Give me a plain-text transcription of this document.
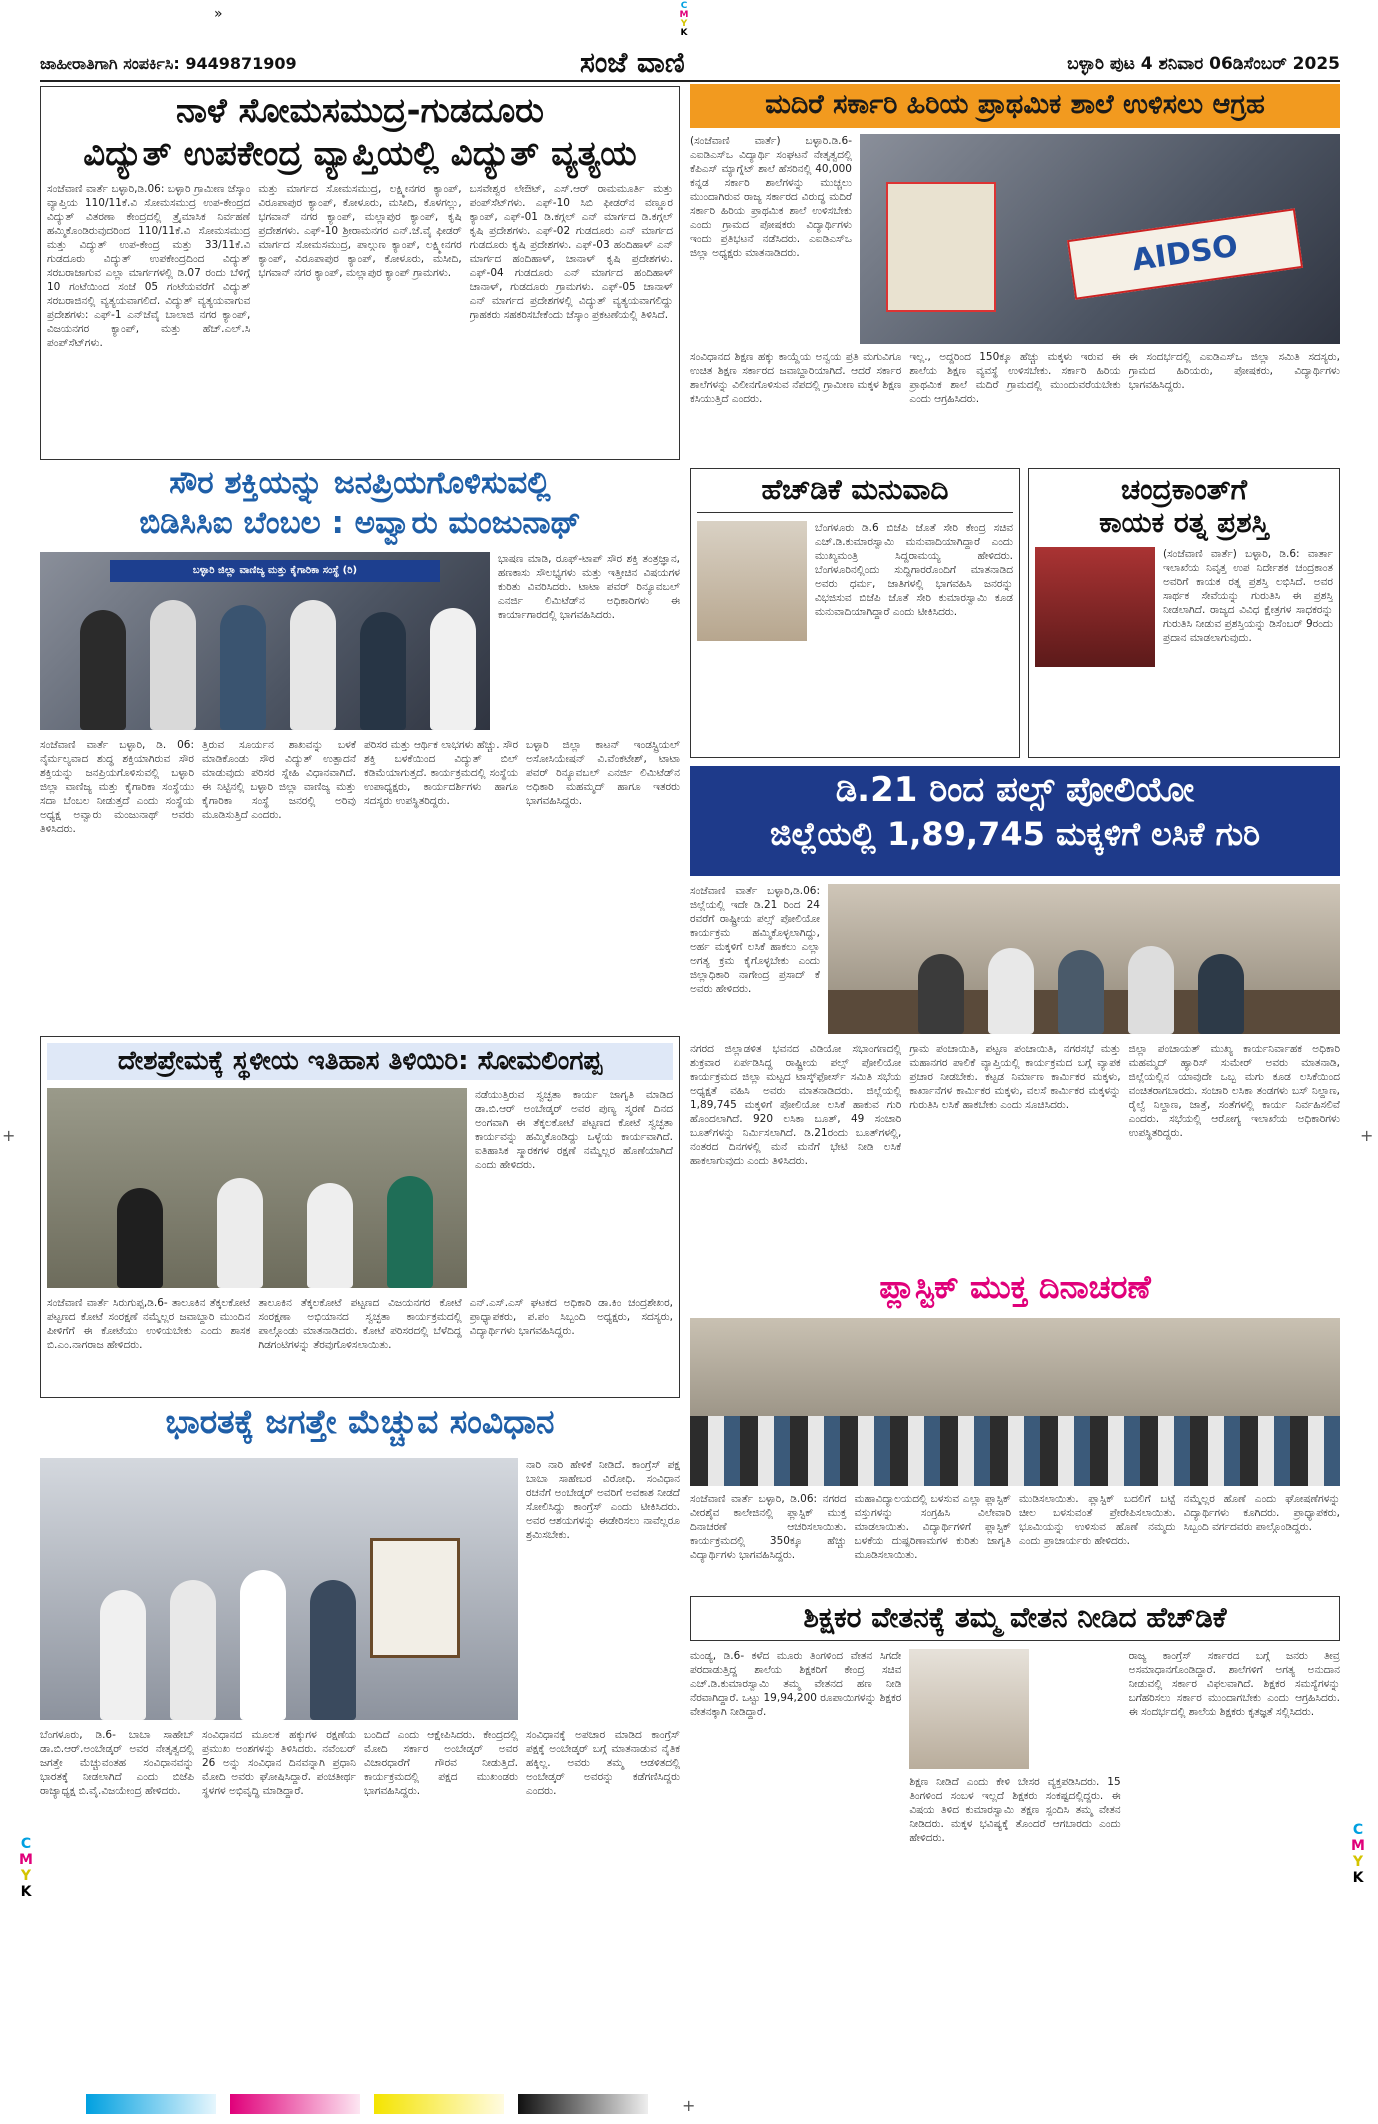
»	C
M
Y
K
ಜಾಹೀರಾತಿಗಾಗಿ ಸಂಪರ್ಕಿಸಿ: 9449871909	ಸಂಜೆ ವಾಣಿ	ಬಳ್ಳಾರಿ ಪುಟ 4 ಶನಿವಾರ 06ಡಿಸೆಂಬರ್ 2025
ನಾಳೆ ಸೋಮಸಮುದ್ರ-ಗುಡದೂರು
ವಿದ್ಯುತ್ ಉಪಕೇಂದ್ರ ವ್ಯಾಪ್ತಿಯಲ್ಲಿ ವಿದ್ಯುತ್ ವ್ಯತ್ಯಯ
ಸಂಜೆವಾಣಿ ವಾರ್ತೆ ಬಳ್ಳಾರಿ,ಡಿ.06: ಬಳ್ಳಾರಿ ಗ್ರಾಮೀಣ ಜೆಸ್ಕಾಂ ವ್ಯಾಪ್ತಿಯ 110/11ಕೆ.ವಿ ಸೋಮಸಮುದ್ರ ಉಪ-ಕೇಂದ್ರದ ವಿದ್ಯುತ್ ವಿತರಣಾ ಕೇಂದ್ರದಲ್ಲಿ ತ್ರೈಮಾಸಿಕ ನಿರ್ವಹಣೆ ಹಮ್ಮಿಕೊಂಡಿರುವುದರಿಂದ 110/11ಕೆ.ವಿ ಸೋಮಸಮುದ್ರ ಮತ್ತು ವಿದ್ಯುತ್ ಉಪ-ಕೇಂದ್ರ ಮತ್ತು 33/11ಕೆ.ವಿ ಗುಡದೂರು ವಿದ್ಯುತ್ ಉಪಕೇಂದ್ರದಿಂದ ವಿದ್ಯುತ್ ಸರಬರಾಜಾಗುವ ಎಲ್ಲಾ ಮಾರ್ಗಗಳಲ್ಲಿ ಡಿ.07 ರಂದು ಬೆಳಿಗ್ಗೆ 10 ಗಂಟೆಯಿಂದ ಸಂಜೆ 05 ಗಂಟೆಯವರೆಗೆ ವಿದ್ಯುತ್ ಸರಬರಾಜಿನಲ್ಲಿ ವ್ಯತ್ಯಯವಾಗಲಿದೆ. ವಿದ್ಯುತ್ ವ್ಯತ್ಯಯವಾಗುವ ಪ್ರದೇಶಗಳು: ಎಫ್-1 ಎನ್‌ಜೆವೈ ಬಾಲಾಜಿ ನಗರ ಕ್ಯಾಂಪ್, ವಿಜಯನಗರ ಕ್ಯಾಂಪ್, ಮತ್ತು ಹೆಚ್.ಎಲ್.ಸಿ ಪಂಪ್‌ಸೆಟ್‌ಗಳು.
ಮತ್ತು ಮಾರ್ಗದ ಸೋಮಸಮುದ್ರ, ಲಕ್ಷ್ಮೀನಗರ ಕ್ಯಾಂಪ್, ವಿರೂಪಾಪುರ ಕ್ಯಾಂಪ್, ಕೋಳೂರು, ಮಸೀದಿ, ಕೊಳಗಲ್ಲು, ಭಗವಾನ್ ನಗರ ಕ್ಯಾಂಪ್, ಮಲ್ಲಾಪುರ ಕ್ಯಾಂಪ್, ಕೃಷಿ ಪ್ರದೇಶಗಳು. ಎಫ್-10 ಶ್ರೀರಾಮನಗರ ಎನ್.ಜೆ.ವೈ ಫೀಡರ್ ಮಾರ್ಗದ ಸೋಮಸಮುದ್ರ, ಪಾಲ್ಗುಣ ಕ್ಯಾಂಪ್, ಲಕ್ಷ್ಮೀನಗರ ಕ್ಯಾಂಪ್, ವಿರೂಪಾಪುರ ಕ್ಯಾಂಪ್, ಕೋಳೂರು, ಮಸೀದಿ, ಭಗವಾನ್ ನಗರ ಕ್ಯಾಂಪ್, ಮಲ್ಲಾಪುರ ಕ್ಯಾಂಪ್ ಗ್ರಾಮಗಳು.
ಬಸವೇಶ್ವರ ಲೇಔಟ್, ಎಸ್.ಆರ್ ರಾಮಮೂರ್ತಿ ಮತ್ತು ಪಂಪ್‌ಸೆಟ್‌ಗಳು. ಎಫ್-10 ಸಿಬಿ ಫೀಡರ್‌ನ ವಣ್ಣೂರ ಕ್ಯಾಂಪ್, ಎಫ್-01 ಡಿ.ಕಗ್ಗಲ್ ಎನ್ ಮಾರ್ಗದ ಡಿ.ಕಗ್ಗಲ್ ಕೃಷಿ ಪ್ರದೇಶಗಳು. ಎಫ್-02 ಗುಡದೂರು ಎನ್ ಮಾರ್ಗದ ಗುಡದೂರು ಕೃಷಿ ಪ್ರದೇಶಗಳು. ಎಫ್-03 ಹಂದಿಹಾಳ್ ಎನ್ ಮಾರ್ಗದ ಹಂದಿಹಾಳ್, ಚಾನಾಳ್ ಕೃಷಿ ಪ್ರದೇಶಗಳು. ಎಫ್-04 ಗುಡದೂರು ಎನ್ ಮಾರ್ಗದ ಹಂದಿಹಾಳ್ ಚಾನಾಳ್, ಗುಡದೂರು ಗ್ರಾಮಗಳು. ಎಫ್-05 ಚಾನಾಳ್ ಎನ್ ಮಾರ್ಗದ ಪ್ರದೇಶಗಳಲ್ಲಿ ವಿದ್ಯುತ್ ವ್ಯತ್ಯಯವಾಗಲಿದ್ದು ಗ್ರಾಹಕರು ಸಹಕರಿಸಬೇಕೆಂದು ಜೆಸ್ಕಾಂ ಪ್ರಕಟಣೆಯಲ್ಲಿ ತಿಳಿಸಿದೆ.
ಮದಿರೆ ಸರ್ಕಾರಿ ಹಿರಿಯ ಪ್ರಾಥಮಿಕ ಶಾಲೆ ಉಳಿಸಲು ಆಗ್ರಹ
(ಸಂಜೆವಾಣಿ ವಾರ್ತೆ) ಬಳ್ಳಾರಿ.ಡಿ.6- ಎಐಡಿಎಸ್‌ಒ ವಿದ್ಯಾರ್ಥಿ ಸಂಘಟನೆ ನೇತೃತ್ವದಲ್ಲಿ ಕೆಪಿಎಸ್ ಮ್ಯಾಗ್ನೆಟ್ ಶಾಲೆ ಹೆಸರಿನಲ್ಲಿ 40,000 ಕನ್ನಡ ಸರ್ಕಾರಿ ಶಾಲೆಗಳನ್ನು ಮುಚ್ಚಲು ಮುಂದಾಗಿರುವ ರಾಜ್ಯ ಸರ್ಕಾರದ ವಿರುದ್ಧ ಮದಿರೆ ಸರ್ಕಾರಿ ಹಿರಿಯ ಪ್ರಾಥಮಿಕ ಶಾಲೆ ಉಳಿಸಬೇಕು ಎಂದು ಗ್ರಾಮದ ಪೋಷಕರು ವಿದ್ಯಾರ್ಥಿಗಳು ಇಂದು ಪ್ರತಿಭಟನೆ ನಡೆಸಿದರು. ಎಐಡಿಎಸ್‌ಒ ಜಿಲ್ಲಾ ಅಧ್ಯಕ್ಷರು ಮಾತನಾಡಿದರು.	AIDSO
ಸಂವಿಧಾನದ ಶಿಕ್ಷಣ ಹಕ್ಕು ಕಾಯ್ದೆಯ ಅನ್ವಯ ಪ್ರತಿ ಮಗುವಿಗೂ ಉಚಿತ ಶಿಕ್ಷಣ ಸರ್ಕಾರದ ಜವಾಬ್ದಾರಿಯಾಗಿದೆ. ಆದರೆ ಸರ್ಕಾರ ಶಾಲೆಗಳನ್ನು ವಿಲೀನಗೊಳಿಸುವ ನೆಪದಲ್ಲಿ ಗ್ರಾಮೀಣ ಮಕ್ಕಳ ಶಿಕ್ಷಣ ಕಸಿಯುತ್ತಿದೆ ಎಂದರು.
ಇಲ್ಲ., ಅದ್ದರಿಂದ 150ಕ್ಕೂ ಹೆಚ್ಚು ಮಕ್ಕಳು ಇರುವ ಈ ಶಾಲೆಯ ಶಿಕ್ಷಣ ವ್ಯವಸ್ಥೆ ಉಳಿಸಬೇಕು. ಸರ್ಕಾರಿ ಹಿರಿಯ ಪ್ರಾಥಮಿಕ ಶಾಲೆ ಮದಿರೆ ಗ್ರಾಮದಲ್ಲಿ ಮುಂದುವರೆಯಬೇಕು ಎಂದು ಆಗ್ರಹಿಸಿದರು.
ಈ ಸಂದರ್ಭದಲ್ಲಿ ಎಐಡಿಎಸ್‌ಒ ಜಿಲ್ಲಾ ಸಮಿತಿ ಸದಸ್ಯರು, ಗ್ರಾಮದ ಹಿರಿಯರು, ಪೋಷಕರು, ವಿದ್ಯಾರ್ಥಿಗಳು ಭಾಗವಹಿಸಿದ್ದರು.
ಸೌರ ಶಕ್ತಿಯನ್ನು ಜನಪ್ರಿಯಗೊಳಿಸುವಲ್ಲಿ
ಬಿಡಿಸಿಸಿಐ ಬೆಂಬಲ : ಅವ್ವಾರು ಮಂಜುನಾಥ್
ಬಳ್ಳಾರಿ ಜಿಲ್ಲಾ ವಾಣಿಜ್ಯ ಮತ್ತು ಕೈಗಾರಿಕಾ ಸಂಸ್ಥೆ (ರಿ)
ಭಾಷಣ ಮಾಡಿ, ರೂಫ್-ಟಾಪ್ ಸೌರ ಶಕ್ತಿ ತಂತ್ರಜ್ಞಾನ, ಹಣಕಾಸು ಸೌಲಭ್ಯಗಳು ಮತ್ತು ಇತ್ತೀಚಿನ ವಿಷಯಗಳ ಕುರಿತು ವಿವರಿಸಿದರು. ಟಾಟಾ ಪವರ್ ರಿನ್ಯೂವಬಲ್ ಎನರ್ಜಿ ಲಿಮಿಟೆಡ್‌ನ ಅಧಿಕಾರಿಗಳು ಈ ಕಾರ್ಯಾಗಾರದಲ್ಲಿ ಭಾಗವಹಿಸಿದರು.
ಸಂಜೆವಾಣಿ ವಾರ್ತೆ ಬಳ್ಳಾರಿ, ಡಿ. 06: ನೈರ್ಮಲ್ಯವಾದ ಶುದ್ಧ ಶಕ್ತಿಯಾಗಿರುವ ಸೌರ ಶಕ್ತಿಯನ್ನು ಜನಪ್ರಿಯಗೊಳಿಸುವಲ್ಲಿ ಬಳ್ಳಾರಿ ಜಿಲ್ಲಾ ವಾಣಿಜ್ಯ ಮತ್ತು ಕೈಗಾರಿಕಾ ಸಂಸ್ಥೆಯು ಸದಾ ಬೆಂಬಲ ನೀಡುತ್ತದೆ ಎಂದು ಸಂಸ್ಥೆಯ ಅಧ್ಯಕ್ಷ ಅವ್ವಾರು ಮಂಜುನಾಥ್ ಅವರು ತಿಳಿಸಿದರು.
ತ್ತಿರುವ ಸೂರ್ಯನ ಶಾಖವನ್ನು ಬಳಕೆ ಮಾಡಿಕೊಂಡು ಸೌರ ವಿದ್ಯುತ್ ಉತ್ಪಾದನೆ ಮಾಡುವುದು ಪರಿಸರ ಸ್ನೇಹಿ ವಿಧಾನವಾಗಿದೆ. ಈ ನಿಟ್ಟಿನಲ್ಲಿ ಬಳ್ಳಾರಿ ಜಿಲ್ಲಾ ವಾಣಿಜ್ಯ ಮತ್ತು ಕೈಗಾರಿಕಾ ಸಂಸ್ಥೆ ಜನರಲ್ಲಿ ಅರಿವು ಮೂಡಿಸುತ್ತಿದೆ ಎಂದರು.
ಪರಿಸರ ಮತ್ತು ಆರ್ಥಿಕ ಲಾಭಗಳು ಹೆಚ್ಚು. ಸೌರ ಶಕ್ತಿ ಬಳಕೆಯಿಂದ ವಿದ್ಯುತ್ ಬಿಲ್ ಕಡಿಮೆಯಾಗುತ್ತದೆ. ಕಾರ್ಯಕ್ರಮದಲ್ಲಿ ಸಂಸ್ಥೆಯ ಉಪಾಧ್ಯಕ್ಷರು, ಕಾರ್ಯದರ್ಶಿಗಳು ಹಾಗೂ ಸದಸ್ಯರು ಉಪಸ್ಥಿತರಿದ್ದರು.
ಬಳ್ಳಾರಿ ಜಿಲ್ಲಾ ಕಾಟನ್ ಇಂಡಸ್ಟ್ರಿಯಲ್ ಅಸೋಸಿಯೇಷನ್ ವಿ.ವೆಂಕಟೇಶ್, ಟಾಟಾ ಪವರ್ ರಿನ್ಯೂವಬಲ್ ಎನರ್ಜಿ ಲಿಮಿಟೆಡ್‌ನ ಅಧಿಕಾರಿ ಮಹಮ್ಮದ್ ಹಾಗೂ ಇತರರು ಭಾಗವಹಿಸಿದ್ದರು.
ಹೆಚ್‌ಡಿಕೆ ಮನುವಾದಿ
ಬೆಂಗಳೂರು ಡಿ.6 ಬಿಜೆಪಿ ಜೊತೆ ಸೇರಿ ಕೇಂದ್ರ ಸಚಿವ ಎಚ್.ಡಿ.ಕುಮಾರಸ್ವಾಮಿ ಮನುವಾದಿಯಾಗಿದ್ದಾರೆ ಎಂದು ಮುಖ್ಯಮಂತ್ರಿ ಸಿದ್ದರಾಮಯ್ಯ ಹೇಳಿದರು. ಬೆಂಗಳೂರಿನಲ್ಲಿಂದು ಸುದ್ದಿಗಾರರೊಂದಿಗೆ ಮಾತನಾಡಿದ ಅವರು ಧರ್ಮ, ಜಾತಿಗಳಲ್ಲಿ ಭಾಗವಹಿಸಿ ಜನರನ್ನು ವಿಭಜಿಸುವ ಬಿಜೆಪಿ ಜೊತೆ ಸೇರಿ ಕುಮಾರಸ್ವಾಮಿ ಕೂಡ ಮನುವಾದಿಯಾಗಿದ್ದಾರೆ ಎಂದು ಟೀಕಿಸಿದರು.
ಚಂದ್ರಕಾಂತ್‌ಗೆ
ಕಾಯಕ ರತ್ನ ಪ್ರಶಸ್ತಿ
(ಸಂಜೆವಾಣಿ ವಾರ್ತೆ) ಬಳ್ಳಾರಿ, ಡಿ.6: ವಾರ್ತಾ ಇಲಾಖೆಯ ನಿವೃತ್ತ ಉಪ ನಿರ್ದೇಶಕ ಚಂದ್ರಕಾಂತ ಅವರಿಗೆ ಕಾಯಕ ರತ್ನ ಪ್ರಶಸ್ತಿ ಲಭಿಸಿದೆ. ಅವರ ಸಾರ್ಥಕ ಸೇವೆಯನ್ನು ಗುರುತಿಸಿ ಈ ಪ್ರಶಸ್ತಿ ನೀಡಲಾಗಿದೆ. ರಾಜ್ಯದ ವಿವಿಧ ಕ್ಷೇತ್ರಗಳ ಸಾಧಕರನ್ನು ಗುರುತಿಸಿ ನೀಡುವ ಪ್ರಶಸ್ತಿಯನ್ನು ಡಿಸೆಂಬರ್ 9ರಂದು ಪ್ರದಾನ ಮಾಡಲಾಗುವುದು.
ಡಿ.21 ರಿಂದ ಪಲ್ಸ್ ಪೋಲಿಯೋ
ಜಿಲ್ಲೆಯಲ್ಲಿ 1,89,745 ಮಕ್ಕಳಿಗೆ ಲಸಿಕೆ ಗುರಿ
ಸಂಜೆವಾಣಿ ವಾರ್ತೆ ಬಳ್ಳಾರಿ,ಡಿ.06: ಜಿಲ್ಲೆಯಲ್ಲಿ ಇದೇ ಡಿ.21 ರಿಂದ 24 ರವರೆಗೆ ರಾಷ್ಟ್ರೀಯ ಪಲ್ಸ್ ಪೋಲಿಯೋ ಕಾರ್ಯಕ್ರಮ ಹಮ್ಮಿಕೊಳ್ಳಲಾಗಿದ್ದು, ಅರ್ಹ ಮಕ್ಕಳಿಗೆ ಲಸಿಕೆ ಹಾಕಲು ಎಲ್ಲಾ ಅಗತ್ಯ ಕ್ರಮ ಕೈಗೊಳ್ಳಬೇಕು ಎಂದು ಜಿಲ್ಲಾಧಿಕಾರಿ ನಾಗೇಂದ್ರ ಪ್ರಸಾದ್ ಕೆ ಅವರು ಹೇಳಿದರು.
ನಗರದ ಜಿಲ್ಲಾಡಳಿತ ಭವನದ ವಿಡಿಯೋ ಸಭಾಂಗಣದಲ್ಲಿ ಶುಕ್ರವಾರ ಏರ್ಪಡಿಸಿದ್ದ ರಾಷ್ಟ್ರೀಯ ಪಲ್ಸ್ ಪೋಲಿಯೋ ಕಾರ್ಯಕ್ರಮದ ಜಿಲ್ಲಾ ಮಟ್ಟದ ಟಾಸ್ಕ್‌ಫೋರ್ಸ್ ಸಮಿತಿ ಸಭೆಯ ಅಧ್ಯಕ್ಷತೆ ವಹಿಸಿ ಅವರು ಮಾತನಾಡಿದರು. ಜಿಲ್ಲೆಯಲ್ಲಿ 1,89,745 ಮಕ್ಕಳಿಗೆ ಪೋಲಿಯೋ ಲಸಿಕೆ ಹಾಕುವ ಗುರಿ ಹೊಂದಲಾಗಿದೆ. 920 ಲಸಿಕಾ ಬೂತ್, 49 ಸಂಚಾರಿ ಬೂತ್‌ಗಳನ್ನು ನಿರ್ಮಿಸಲಾಗಿದೆ. ಡಿ.21ರಂದು ಬೂತ್‌ಗಳಲ್ಲಿ, ನಂತರದ ದಿನಗಳಲ್ಲಿ ಮನೆ ಮನೆಗೆ ಭೇಟಿ ನೀಡಿ ಲಸಿಕೆ ಹಾಕಲಾಗುವುದು ಎಂದು ತಿಳಿಸಿದರು.
ಗ್ರಾಮ ಪಂಚಾಯಿತಿ, ಪಟ್ಟಣ ಪಂಚಾಯಿತಿ, ನಗರಸಭೆ ಮತ್ತು ಮಹಾನಗರ ಪಾಲಿಕೆ ವ್ಯಾಪ್ತಿಯಲ್ಲಿ ಕಾರ್ಯಕ್ರಮದ ಬಗ್ಗೆ ವ್ಯಾಪಕ ಪ್ರಚಾರ ನೀಡಬೇಕು. ಕಟ್ಟಡ ನಿರ್ಮಾಣ ಕಾರ್ಮಿಕರ ಮಕ್ಕಳು, ಕಾರ್ಖಾನೆಗಳ ಕಾರ್ಮಿಕರ ಮಕ್ಕಳು, ವಲಸೆ ಕಾರ್ಮಿಕರ ಮಕ್ಕಳನ್ನು ಗುರುತಿಸಿ ಲಸಿಕೆ ಹಾಕಬೇಕು ಎಂದು ಸೂಚಿಸಿದರು.
ಜಿಲ್ಲಾ ಪಂಚಾಯತ್ ಮುಖ್ಯ ಕಾರ್ಯನಿರ್ವಾಹಕ ಅಧಿಕಾರಿ ಮಹಮ್ಮದ್ ಹ್ಯಾರಿಸ್ ಸುಮೇರ್ ಅವರು ಮಾತನಾಡಿ, ಜಿಲ್ಲೆಯಲ್ಲಿನ ಯಾವುದೇ ಒಬ್ಬ ಮಗು ಕೂಡ ಲಸಿಕೆಯಿಂದ ವಂಚಿತರಾಗಬಾರದು. ಸಂಚಾರಿ ಲಸಿಕಾ ತಂಡಗಳು ಬಸ್ ನಿಲ್ದಾಣ, ರೈಲ್ವೆ ನಿಲ್ದಾಣ, ಜಾತ್ರೆ, ಸಂತೆಗಳಲ್ಲಿ ಕಾರ್ಯ ನಿರ್ವಹಿಸಲಿವೆ ಎಂದರು. ಸಭೆಯಲ್ಲಿ ಆರೋಗ್ಯ ಇಲಾಖೆಯ ಅಧಿಕಾರಿಗಳು ಉಪಸ್ಥಿತರಿದ್ದರು.
ದೇಶಪ್ರೇಮಕ್ಕೆ ಸ್ಥಳೀಯ ಇತಿಹಾಸ ತಿಳಿಯಿರಿ: ಸೋಮಲಿಂಗಪ್ಪ
ನಡೆಯುತ್ತಿರುವ ಸ್ವಚ್ಛತಾ ಕಾರ್ಯ ಜಾಗೃತಿ ಮಾಡಿದ ಡಾ.ಬಿ.ಆರ್ ಅಂಬೇಡ್ಕರ್ ಅವರ ಪುಣ್ಯ ಸ್ಮರಣೆ ದಿನದ ಅಂಗವಾಗಿ ಈ ತೆಕ್ಕಲಕೋಟೆ ಪಟ್ಟಣದ ಕೋಟೆ ಸ್ವಚ್ಛತಾ ಕಾರ್ಯವನ್ನು ಹಮ್ಮಿಕೊಂಡಿದ್ದು ಒಳ್ಳೆಯ ಕಾರ್ಯವಾಗಿದೆ. ಐತಿಹಾಸಿಕ ಸ್ಮಾರಕಗಳ ರಕ್ಷಣೆ ನಮ್ಮೆಲ್ಲರ ಹೊಣೆಯಾಗಿದೆ ಎಂದು ಹೇಳಿದರು.
ಸಂಜೆವಾಣಿ ವಾರ್ತೆ ಸಿರುಗುಪ್ಪ,ಡಿ.6- ತಾಲೂಕಿನ ತೆಕ್ಕಲಕೋಟೆ ಪಟ್ಟಣದ ಕೋಟೆ ಸಂರಕ್ಷಣೆ ನಮ್ಮೆಲ್ಲರ ಜವಾಬ್ದಾರಿ ಮುಂದಿನ ಪೀಳಿಗೆಗೆ ಈ ಕೋಟೆಯು ಉಳಿಯಬೇಕು ಎಂದು ಶಾಸಕ ಬಿ.ಎಂ.ನಾಗರಾಜ ಹೇಳಿದರು.
ತಾಲೂಕಿನ ತೆಕ್ಕಲಕೋಟೆ ಪಟ್ಟಣದ ವಿಜಯನಗರ ಕೋಟೆ ಸಂರಕ್ಷಣಾ ಅಭಿಯಾನದ ಸ್ವಚ್ಛತಾ ಕಾರ್ಯಕ್ರಮದಲ್ಲಿ ಪಾಲ್ಗೊಂಡು ಮಾತನಾಡಿದರು. ಕೋಟೆ ಪರಿಸರದಲ್ಲಿ ಬೆಳೆದಿದ್ದ ಗಿಡಗಂಟಿಗಳನ್ನು ತೆರವುಗೊಳಿಸಲಾಯಿತು.
ಎನ್.ಎಸ್.ಎಸ್ ಘಟಕದ ಅಧಿಕಾರಿ ಡಾ.ಕಿಂ ಚಂದ್ರಶೇಖರ, ಪ್ರಾಧ್ಯಾಪಕರು, ಪ.ಪಂ ಸಿಬ್ಬಂದಿ ಅಧ್ಯಕ್ಷರು, ಸದಸ್ಯರು, ವಿದ್ಯಾರ್ಥಿಗಳು ಭಾಗವಹಿಸಿದ್ದರು.
ಪ್ಲಾಸ್ಟಿಕ್ ಮುಕ್ತ ದಿನಾಚರಣೆ
ಸಂಜೆವಾಣಿ ವಾರ್ತೆ ಬಳ್ಳಾರಿ, ಡಿ.06: ನಗರದ ವೀರಶೈವ ಕಾಲೇಜಿನಲ್ಲಿ ಪ್ಲಾಸ್ಟಿಕ್ ಮುಕ್ತ ದಿನಾಚರಣೆ ಆಚರಿಸಲಾಯಿತು. ಕಾರ್ಯಕ್ರಮದಲ್ಲಿ 350ಕ್ಕೂ ಹೆಚ್ಚು ವಿದ್ಯಾರ್ಥಿಗಳು ಭಾಗವಹಿಸಿದ್ದರು.
ಮಹಾವಿದ್ಯಾಲಯದಲ್ಲಿ ಬಳಸುವ ಎಲ್ಲಾ ಪ್ಲಾಸ್ಟಿಕ್ ವಸ್ತುಗಳನ್ನು ಸಂಗ್ರಹಿಸಿ ವಿಲೇವಾರಿ ಮಾಡಲಾಯಿತು. ವಿದ್ಯಾರ್ಥಿಗಳಿಗೆ ಪ್ಲಾಸ್ಟಿಕ್ ಬಳಕೆಯ ದುಷ್ಪರಿಣಾಮಗಳ ಕುರಿತು ಜಾಗೃತಿ ಮೂಡಿಸಲಾಯಿತು.
ಮುಡಿಸಲಾಯಿತು. ಪ್ಲಾಸ್ಟಿಕ್ ಬದಲಿಗೆ ಬಟ್ಟೆ ಚೀಲ ಬಳಸುವಂತೆ ಪ್ರೇರೇಪಿಸಲಾಯಿತು. ಭೂಮಿಯನ್ನು ಉಳಿಸುವ ಹೊಣೆ ನಮ್ಮದು ಎಂದು ಪ್ರಾಚಾರ್ಯರು ಹೇಳಿದರು.
ನಮ್ಮೆಲ್ಲರ ಹೊಣೆ ಎಂದು ಘೋಷಣೆಗಳನ್ನು ವಿದ್ಯಾರ್ಥಿಗಳು ಕೂಗಿದರು. ಪ್ರಾಧ್ಯಾಪಕರು, ಸಿಬ್ಬಂದಿ ವರ್ಗದವರು ಪಾಲ್ಗೊಂಡಿದ್ದರು.
ಭಾರತಕ್ಕೆ ಜಗತ್ತೇ ಮೆಚ್ಚುವ ಸಂವಿಧಾನ
ನಾರಿ ನಾರಿ ಹೇಳಿಕೆ ನೀಡಿದೆ. ಕಾಂಗ್ರೆಸ್ ಪಕ್ಷ ಬಾಬಾ ಸಾಹೇಬರ ವಿರೋಧಿ. ಸಂವಿಧಾನ ರಚನೆಗೆ ಅಂಬೇಡ್ಕರ್ ಅವರಿಗೆ ಅವಕಾಶ ನೀಡದೆ ಸೋಲಿಸಿದ್ದು ಕಾಂಗ್ರೆಸ್ ಎಂದು ಟೀಕಿಸಿದರು. ಅವರ ಆಶಯಗಳನ್ನು ಈಡೇರಿಸಲು ನಾವೆಲ್ಲರೂ ಶ್ರಮಿಸಬೇಕು.
ಬೆಂಗಳೂರು, ಡಿ.6- ಬಾಬಾ ಸಾಹೇಬ್ ಡಾ.ಬಿ.ಆರ್.ಅಂಬೇಡ್ಕರ್ ಅವರ ನೇತೃತ್ವದಲ್ಲಿ ಜಗತ್ತೇ ಮೆಚ್ಚುವಂತಹ ಸಂವಿಧಾನವನ್ನು ಭಾರತಕ್ಕೆ ನೀಡಲಾಗಿದೆ ಎಂದು ಬಿಜೆಪಿ ರಾಜ್ಯಾಧ್ಯಕ್ಷ ಬಿ.ವೈ.ವಿಜಯೇಂದ್ರ ಹೇಳಿದರು.
ಸಂವಿಧಾನದ ಮೂಲಕ ಹಕ್ಕುಗಳ ರಕ್ಷಣೆಯ ಪ್ರಮುಖ ಅಂಶಗಳನ್ನು ತಿಳಿಸಿದರು. ನವೆಂಬರ್ 26 ಅನ್ನು ಸಂವಿಧಾನ ದಿನವನ್ನಾಗಿ ಪ್ರಧಾನಿ ಮೋದಿ ಅವರು ಘೋಷಿಸಿದ್ದಾರೆ. ಪಂಚತೀರ್ಥ ಸ್ಥಳಗಳ ಅಭಿವೃದ್ಧಿ ಮಾಡಿದ್ದಾರೆ.
ಬಂದಿದೆ ಎಂದು ಆಕ್ಷೇಪಿಸಿದರು. ಕೇಂದ್ರದಲ್ಲಿ ಮೋದಿ ಸರ್ಕಾರ ಅಂಬೇಡ್ಕರ್ ಅವರ ವಿಚಾರಧಾರೆಗೆ ಗೌರವ ನೀಡುತ್ತಿದೆ. ಕಾರ್ಯಕ್ರಮದಲ್ಲಿ ಪಕ್ಷದ ಮುಖಂಡರು ಭಾಗವಹಿಸಿದ್ದರು.
ಸಂವಿಧಾನಕ್ಕೆ ಅಪಚಾರ ಮಾಡಿದ ಕಾಂಗ್ರೆಸ್ ಪಕ್ಷಕ್ಕೆ ಅಂಬೇಡ್ಕರ್ ಬಗ್ಗೆ ಮಾತನಾಡುವ ನೈತಿಕ ಹಕ್ಕಿಲ್ಲ. ಅವರು ತಮ್ಮ ಆಡಳಿತದಲ್ಲಿ ಅಂಬೇಡ್ಕರ್ ಅವರನ್ನು ಕಡೆಗಣಿಸಿದ್ದರು ಎಂದರು.
ಶಿಕ್ಷಕರ ವೇತನಕ್ಕೆ ತಮ್ಮ ವೇತನ ನೀಡಿದ ಹೆಚ್‌ಡಿಕೆ
ಮಂಡ್ಯ, ಡಿ.6- ಕಳೆದ ಮೂರು ತಿಂಗಳಿಂದ ವೇತನ ಸಿಗದೇ ಪರದಾಡುತ್ತಿದ್ದ ಶಾಲೆಯ ಶಿಕ್ಷಕರಿಗೆ ಕೇಂದ್ರ ಸಚಿವ ಎಚ್.ಡಿ.ಕುಮಾರಸ್ವಾಮಿ ತಮ್ಮ ವೇತನದ ಹಣ ನೀಡಿ ನೆರವಾಗಿದ್ದಾರೆ. ಒಟ್ಟು 19,94,200 ರೂಪಾಯಿಗಳನ್ನು ಶಿಕ್ಷಕರ ವೇತನಕ್ಕಾಗಿ ನೀಡಿದ್ದಾರೆ.
ಶಿಕ್ಷಣ ನೀಡಿದೆ ಎಂದು ಕೇಳಿ ಬೇಸರ ವ್ಯಕ್ತಪಡಿಸಿದರು. 15 ತಿಂಗಳಿಂದ ಸಂಬಳ ಇಲ್ಲದೆ ಶಿಕ್ಷಕರು ಸಂಕಷ್ಟದಲ್ಲಿದ್ದರು. ಈ ವಿಷಯ ತಿಳಿದ ಕುಮಾರಸ್ವಾಮಿ ತಕ್ಷಣ ಸ್ಪಂದಿಸಿ ತಮ್ಮ ವೇತನ ನೀಡಿದರು. ಮಕ್ಕಳ ಭವಿಷ್ಯಕ್ಕೆ ತೊಂದರೆ ಆಗಬಾರದು ಎಂದು ಹೇಳಿದರು.
ರಾಜ್ಯ ಕಾಂಗ್ರೆಸ್ ಸರ್ಕಾರದ ಬಗ್ಗೆ ಜನರು ತೀವ್ರ ಅಸಮಾಧಾನಗೊಂಡಿದ್ದಾರೆ. ಶಾಲೆಗಳಿಗೆ ಅಗತ್ಯ ಅನುದಾನ ನೀಡುವಲ್ಲಿ ಸರ್ಕಾರ ವಿಫಲವಾಗಿದೆ. ಶಿಕ್ಷಕರ ಸಮಸ್ಯೆಗಳನ್ನು ಬಗೆಹರಿಸಲು ಸರ್ಕಾರ ಮುಂದಾಗಬೇಕು ಎಂದು ಆಗ್ರಹಿಸಿದರು. ಈ ಸಂದರ್ಭದಲ್ಲಿ ಶಾಲೆಯ ಶಿಕ್ಷಕರು ಕೃತಜ್ಞತೆ ಸಲ್ಲಿಸಿದರು.
C
M
Y
K
C
M
Y
K
+	+
+
